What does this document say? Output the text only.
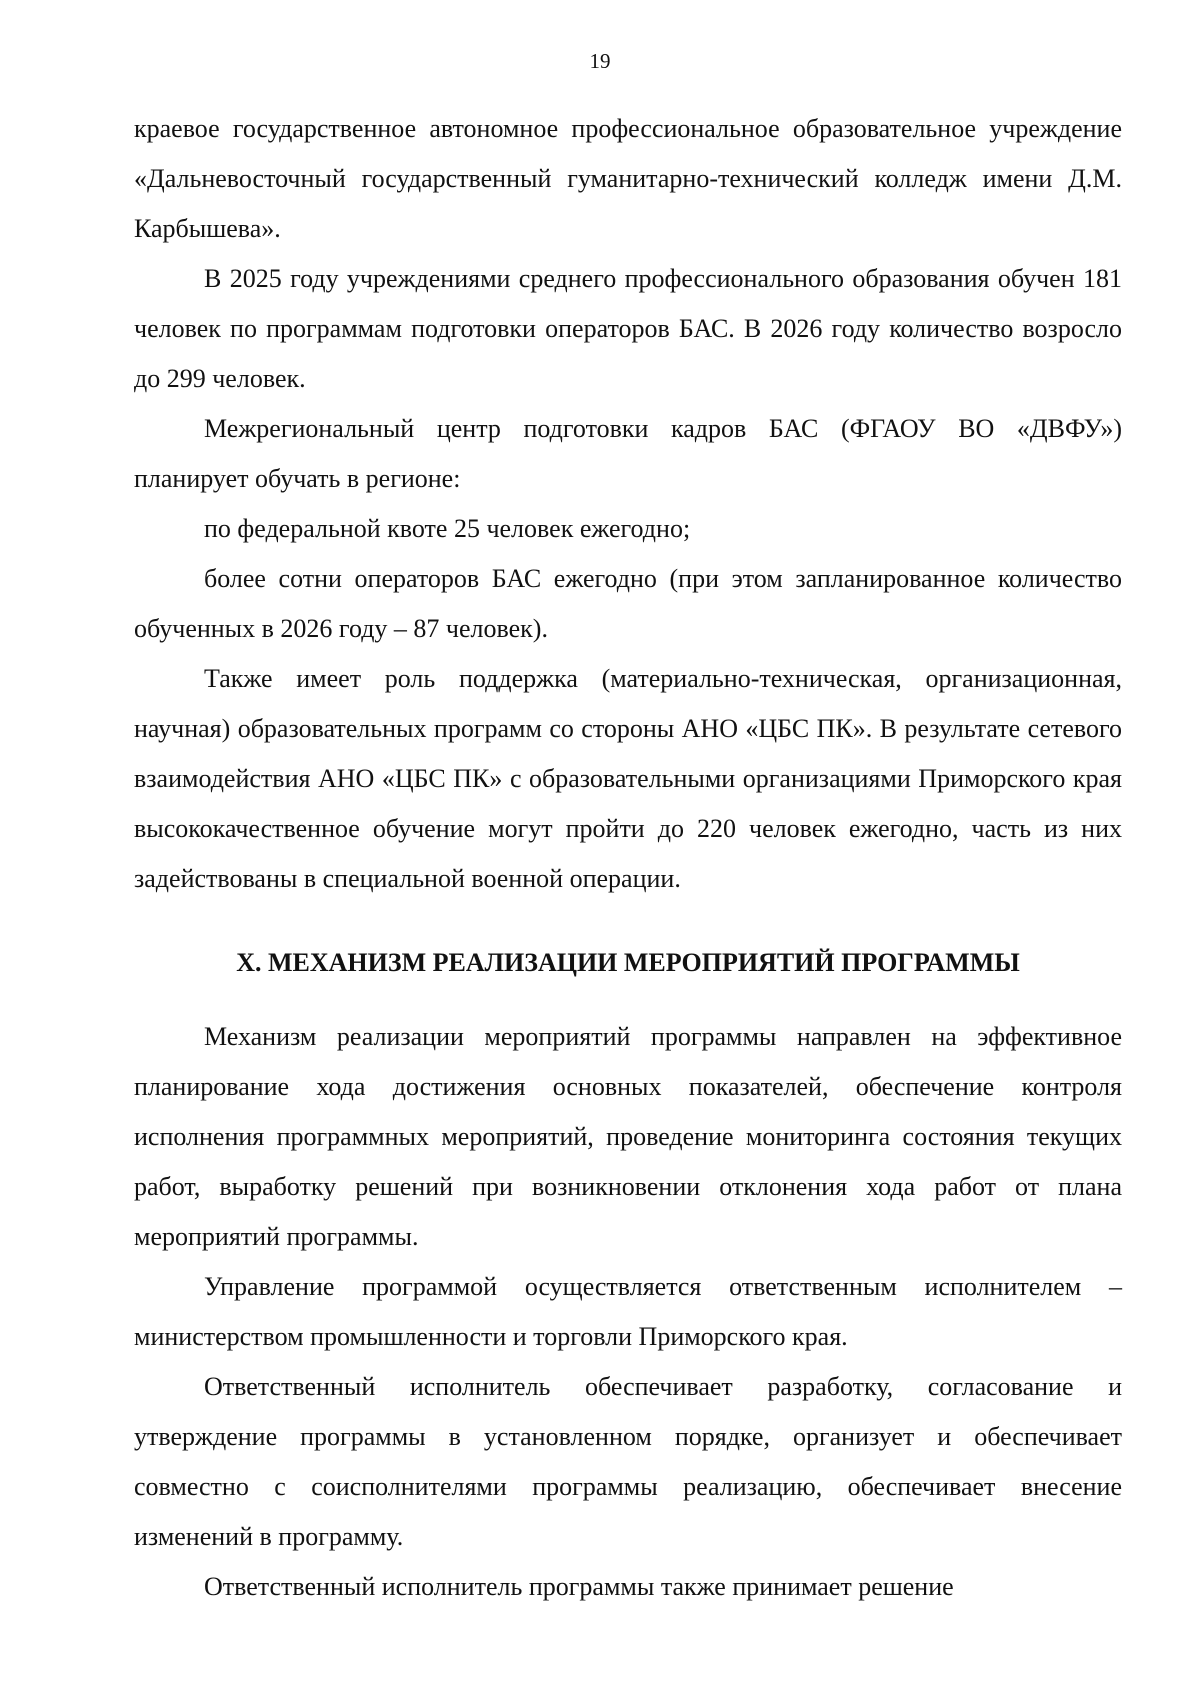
19

краевое государственное автономное профессиональное образовательное учреждение «Дальневосточный государственный гуманитарно-технический колледж имени Д.М. Карбышева».

В 2025 году учреждениями среднего профессионального образования обучен 181 человек по программам подготовки операторов БАС. В 2026 году количество возросло до 299 человек.

Межрегиональный центр подготовки кадров БАС (ФГАОУ ВО «ДВФУ») планирует обучать в регионе:

по федеральной квоте 25 человек ежегодно;

более сотни операторов БАС ежегодно (при этом запланированное количество обученных в 2026 году – 87 человек).

Также имеет роль поддержка (материально-техническая, организационная, научная) образовательных программ со стороны АНО «ЦБС ПК». В результате сетевого взаимодействия АНО «ЦБС ПК» с образовательными организациями Приморского края высококачественное обучение могут пройти до 220 человек ежегодно, часть из них задействованы в специальной военной операции.

X. МЕХАНИЗМ РЕАЛИЗАЦИИ МЕРОПРИЯТИЙ ПРОГРАММЫ

Механизм реализации мероприятий программы направлен на эффективное планирование хода достижения основных показателей, обеспечение контроля исполнения программных мероприятий, проведение мониторинга состояния текущих работ, выработку решений при возникновении отклонения хода работ от плана мероприятий программы.

Управление программой осуществляется ответственным исполнителем – министерством промышленности и торговли Приморского края.

Ответственный исполнитель обеспечивает разработку, согласование и утверждение программы в установленном порядке, организует и обеспечивает совместно с соисполнителями программы реализацию, обеспечивает внесение изменений в программу.

Ответственный исполнитель программы также принимает решение
